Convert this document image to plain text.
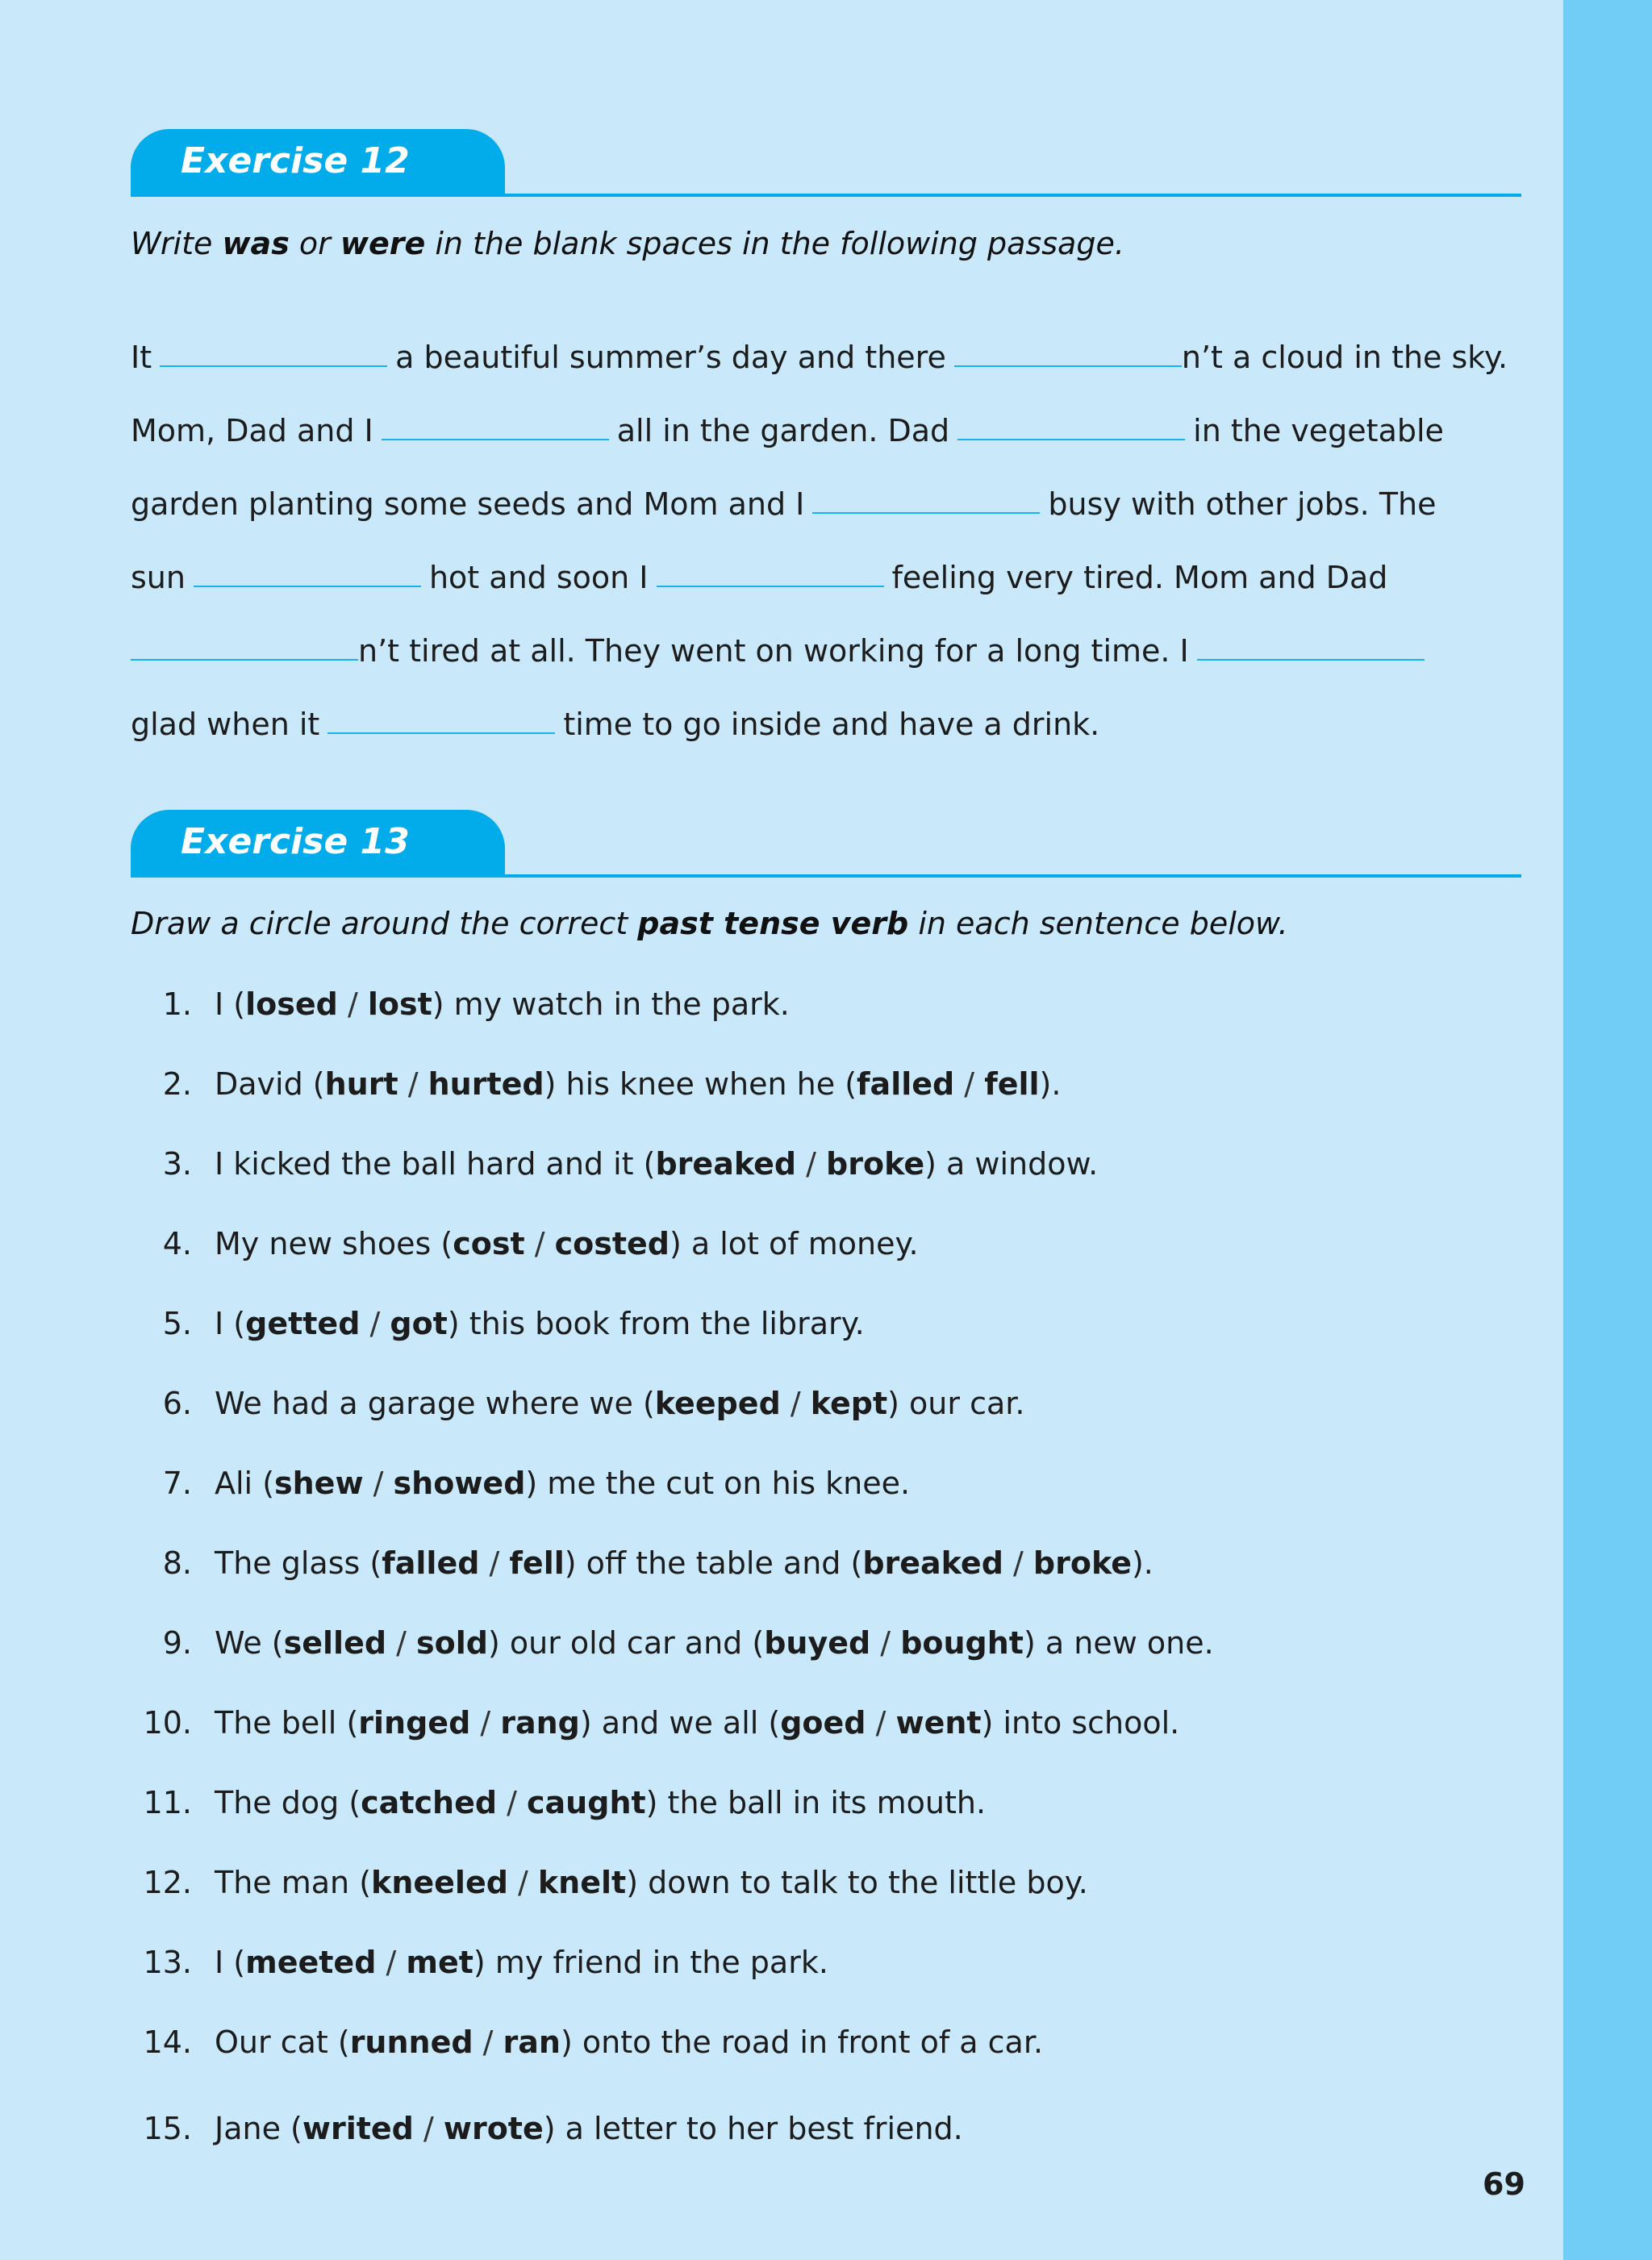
Exercise 12
Write was or were in the blank spaces in the following passage.
It	a beautiful summer’s day and there	n’t a cloud in the sky.
Mom, Dad and I	all in the garden. Dad	in the vegetable
garden planting some seeds and Mom and I	busy with other jobs. The
sun	hot and soon I	feeling very tired. Mom and Dad
n’t tired at all. They went on working for a long time. I
glad when it	time to go inside and have a drink.
Exercise 13
Draw a circle around the correct past tense verb in each sentence below.
1. I (losed / lost) my watch in the park.
2. David (hurt / hurted) his knee when he (falled / fell).
3. I kicked the ball hard and it (breaked / broke) a window.
4. My new shoes (cost / costed) a lot of money.
5. I (getted / got) this book from the library.
6. We had a garage where we (keeped / kept) our car.
7. Ali (shew / showed) me the cut on his knee.
8. The glass (falled / fell) off the table and (breaked / broke).
9. We (selled / sold) our old car and (buyed / bought) a new one.
10. The bell (ringed / rang) and we all (goed / went) into school.
11. The dog (catched / caught) the ball in its mouth.
12. The man (kneeled / knelt) down to talk to the little boy.
13. I (meeted / met) my friend in the park.
14. Our cat (runned / ran) onto the road in front of a car.
15. Jane (writed / wrote) a letter to her best friend.
69
